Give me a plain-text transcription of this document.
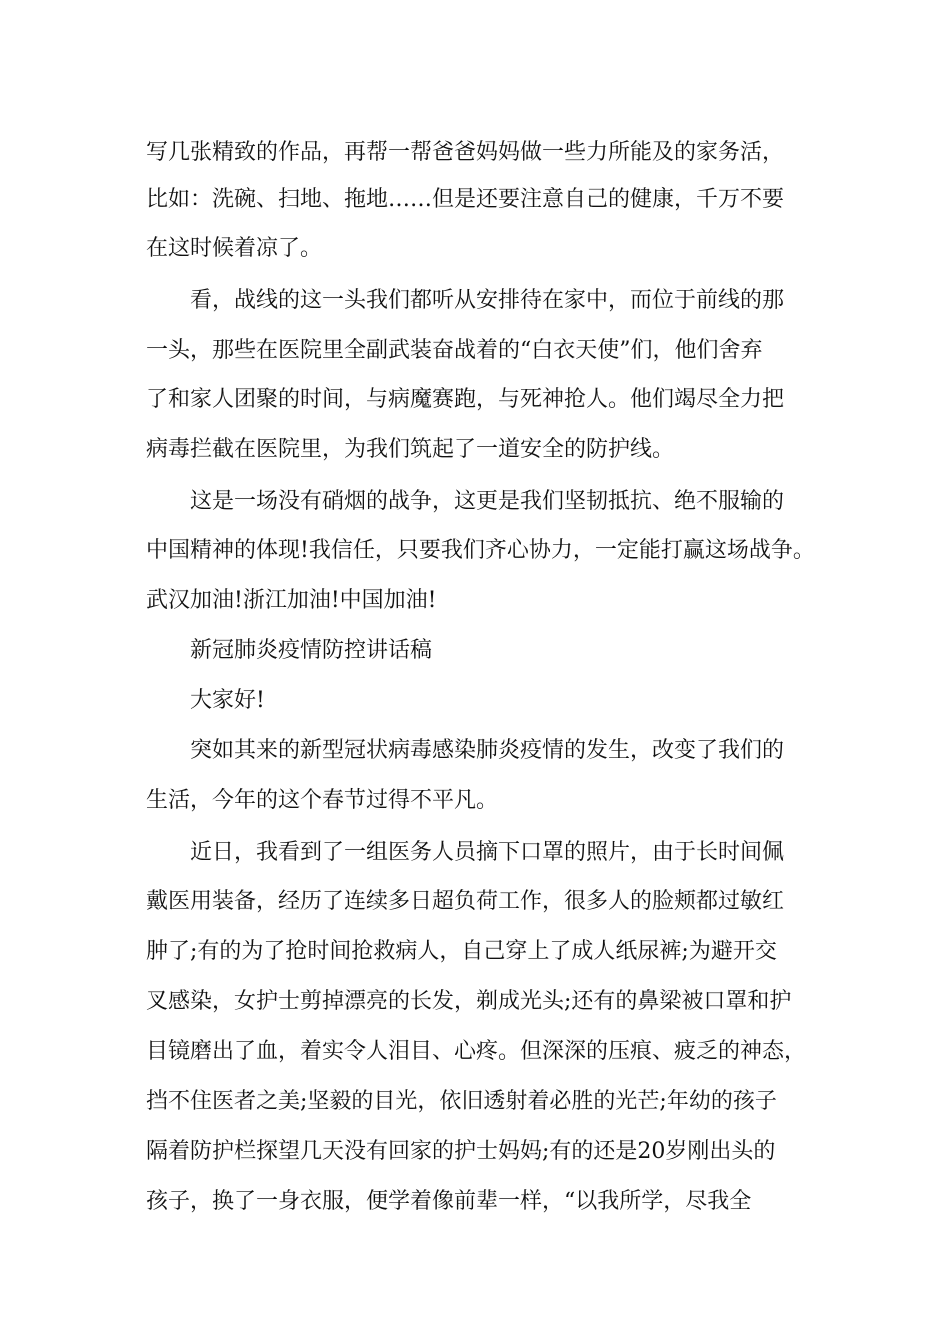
写几张精致的作品，再帮一帮爸爸妈妈做一些力所能及的家务活，
比如：洗碗、扫地、拖地……但是还要注意自己的健康，千万不要
在这时候着凉了。
看，战线的这一头我们都听从安排待在家中，而位于前线的那
一头，那些在医院里全副武装奋战着的“白衣天使”们，他们舍弃
了和家人团聚的时间，与病魔赛跑，与死神抢人。他们竭尽全力把
病毒拦截在医院里，为我们筑起了一道安全的防护线。
这是一场没有硝烟的战争，这更是我们坚韧抵抗、绝不服输的
中国精神的体现!我信任，只要我们齐心协力，一定能打赢这场战争。
武汉加油!浙江加油!中国加油!
新冠肺炎疫情防控讲话稿
大家好!
突如其来的新型冠状病毒感染肺炎疫情的发生，改变了我们的
生活，今年的这个春节过得不平凡。
近日，我看到了一组医务人员摘下口罩的照片，由于长时间佩
戴医用装备，经历了连续多日超负荷工作，很多人的脸颊都过敏红
肿了;有的为了抢时间抢救病人，自己穿上了成人纸尿裤;为避开交
叉感染，女护士剪掉漂亮的长发，剃成光头;还有的鼻梁被口罩和护
目镜磨出了血，着实令人泪目、心疼。但深深的压痕、疲乏的神态，
挡不住医者之美;坚毅的目光，依旧透射着必胜的光芒;年幼的孩子
隔着防护栏探望几天没有回家的护士妈妈;有的还是20岁刚出头的
孩子，换了一身衣服，便学着像前辈一样，“以我所学，尽我全
